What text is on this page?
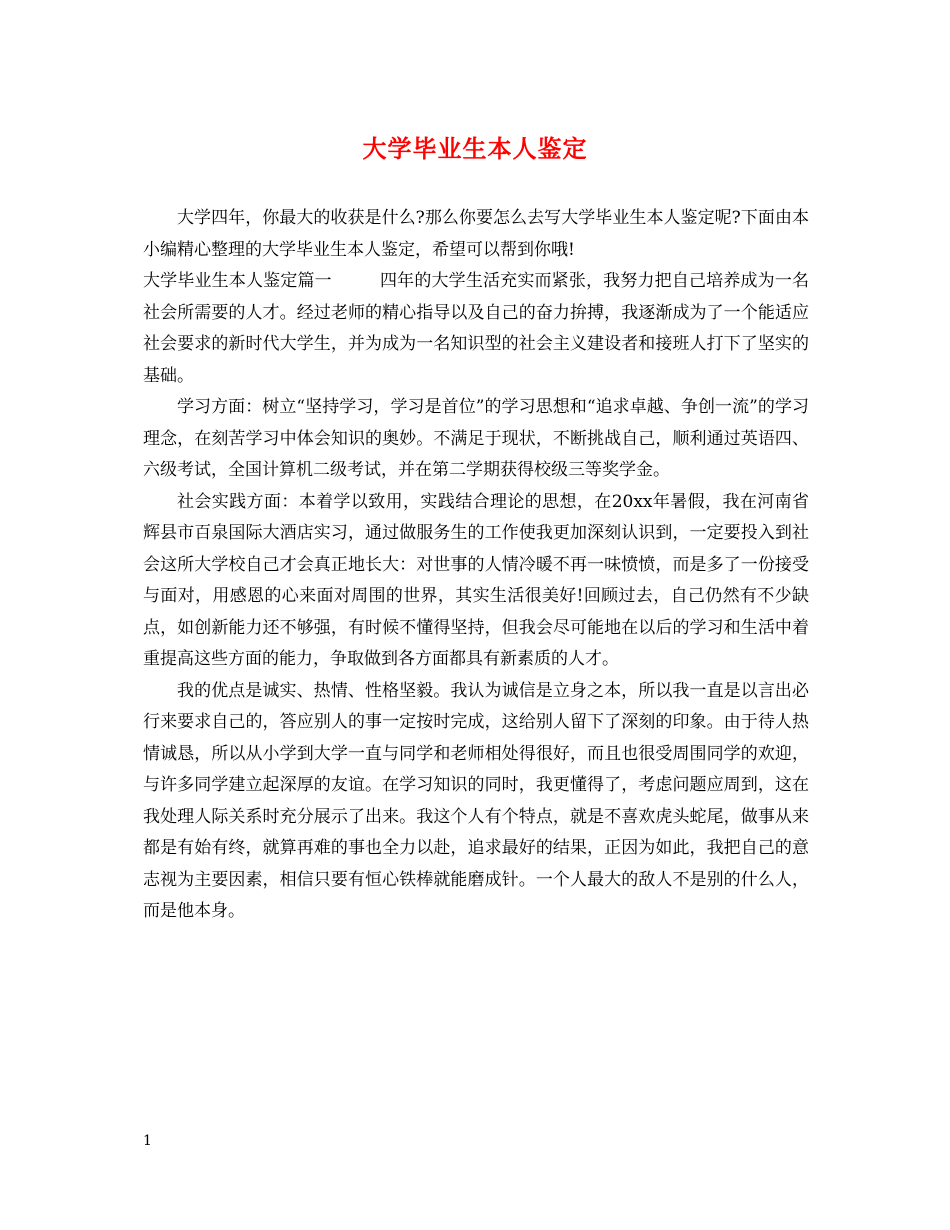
大学毕业生本人鉴定

大学四年，你最大的收获是什么?那么你要怎么去写大学毕业生本人鉴定呢?下面由本小编精心整理的大学毕业生本人鉴定，希望可以帮到你哦!

大学毕业生本人鉴定篇一	四年的大学生活充实而紧张，我努力把自己培养成为一名社会所需要的人才。经过老师的精心指导以及自己的奋力拚搏，我逐渐成为了一个能适应社会要求的新时代大学生，并为成为一名知识型的社会主义建设者和接班人打下了坚实的基础。

学习方面：树立“坚持学习，学习是首位”的学习思想和“追求卓越、争创一流”的学习理念，在刻苦学习中体会知识的奥妙。不满足于现状，不断挑战自己，顺利通过英语四、六级考试，全国计算机二级考试，并在第二学期获得校级三等奖学金。

社会实践方面：本着学以致用，实践结合理论的思想，在20xx年暑假，我在河南省辉县市百泉国际大酒店实习，通过做服务生的工作使我更加深刻认识到，一定要投入到社会这所大学校自己才会真正地长大：对世事的人情冷暖不再一味愤愤，而是多了一份接受与面对，用感恩的心来面对周围的世界，其实生活很美好!回顾过去，自己仍然有不少缺点，如创新能力还不够强，有时候不懂得坚持，但我会尽可能地在以后的学习和生活中着重提高这些方面的能力，争取做到各方面都具有新素质的人才。

我的优点是诚实、热情、性格坚毅。我认为诚信是立身之本，所以我一直是以言出必行来要求自己的，答应别人的事一定按时完成，这给别人留下了深刻的印象。由于待人热情诚恳，所以从小学到大学一直与同学和老师相处得很好，而且也很受周围同学的欢迎，与许多同学建立起深厚的友谊。在学习知识的同时，我更懂得了，考虑问题应周到，这在我处理人际关系时充分展示了出来。我这个人有个特点，就是不喜欢虎头蛇尾，做事从来都是有始有终，就算再难的事也全力以赴，追求最好的结果，正因为如此，我把自己的意志视为主要因素，相信只要有恒心铁棒就能磨成针。一个人最大的敌人不是别的什么人，而是他本身。

1
